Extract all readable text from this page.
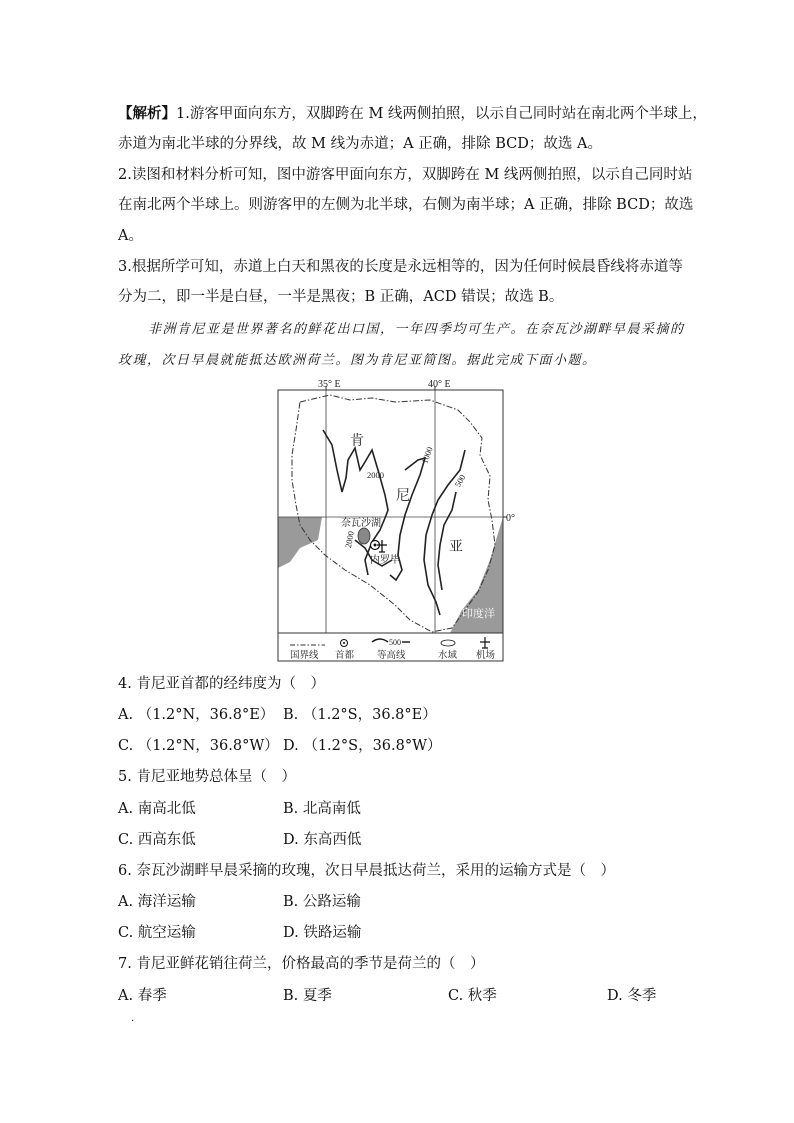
【解析】1.游客甲面向东方，双脚跨在 M 线两侧拍照，以示自己同时站在南北两个半球上，
赤道为南北半球的分界线，故 M 线为赤道；A 正确，排除 BCD；故选 A。
2.读图和材料分析可知，图中游客甲面向东方，双脚跨在 M 线两侧拍照，以示自己同时站
在南北两个半球上。则游客甲的左侧为北半球，右侧为南半球；A 正确，排除 BCD；故选
A。
3.根据所学可知，赤道上白天和黑夜的长度是永远相等的，因为任何时候晨昏线将赤道等
分为二，即一半是白昼，一半是黑夜；B 正确，ACD 错误；故选 B。
非洲肯尼亚是世界著名的鲜花出口国，一年四季均可生产。在奈瓦沙湖畔早晨采摘的
玫瑰，次日早晨就能抵达欧洲荷兰。图为肯尼亚简图。据此完成下面小题。
35° E	40° E
0°
肯
尼
亚
奈瓦沙湖
内罗毕
印度洋
2000
2000
1000
500
国界线 首都
500
等高线	水域 机场
4. 肯尼亚首都的经纬度为（　）
A. （1.2°N，36.8°E） B. （1.2°S，36.8°E）
C. （1.2°N，36.8°W） D. （1.2°S，36.8°W）
5. 肯尼亚地势总体呈（　）
A. 南高北低	B. 北高南低
C. 西高东低	D. 东高西低
6. 奈瓦沙湖畔早晨采摘的玫瑰，次日早晨抵达荷兰，采用的运输方式是（　）
A. 海洋运输	B. 公路运输
C. 航空运输	D. 铁路运输
7. 肯尼亚鲜花销往荷兰，价格最高的季节是荷兰的（　）
A. 春季	B. 夏季	C. 秋季	D. 冬季
·
